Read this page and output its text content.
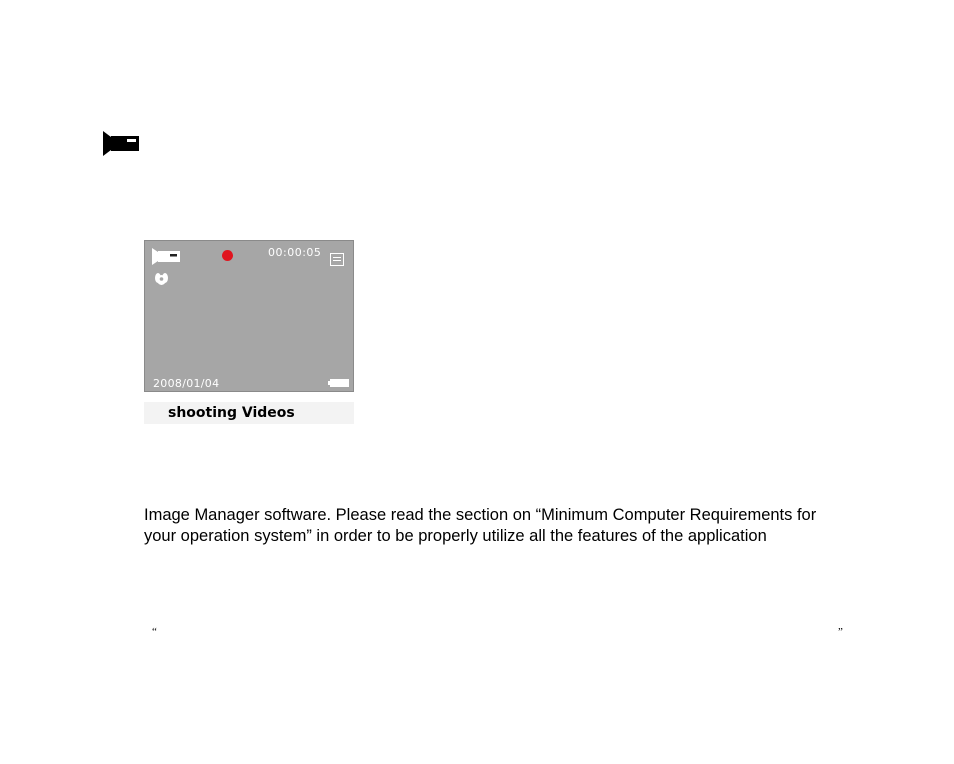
00:00:05
2008/01/04
shooting Videos

Image Manager software. Please read the section on “Minimum Computer Requirements for

your operation system” in order to be properly utilize all the features of the application

“	”
